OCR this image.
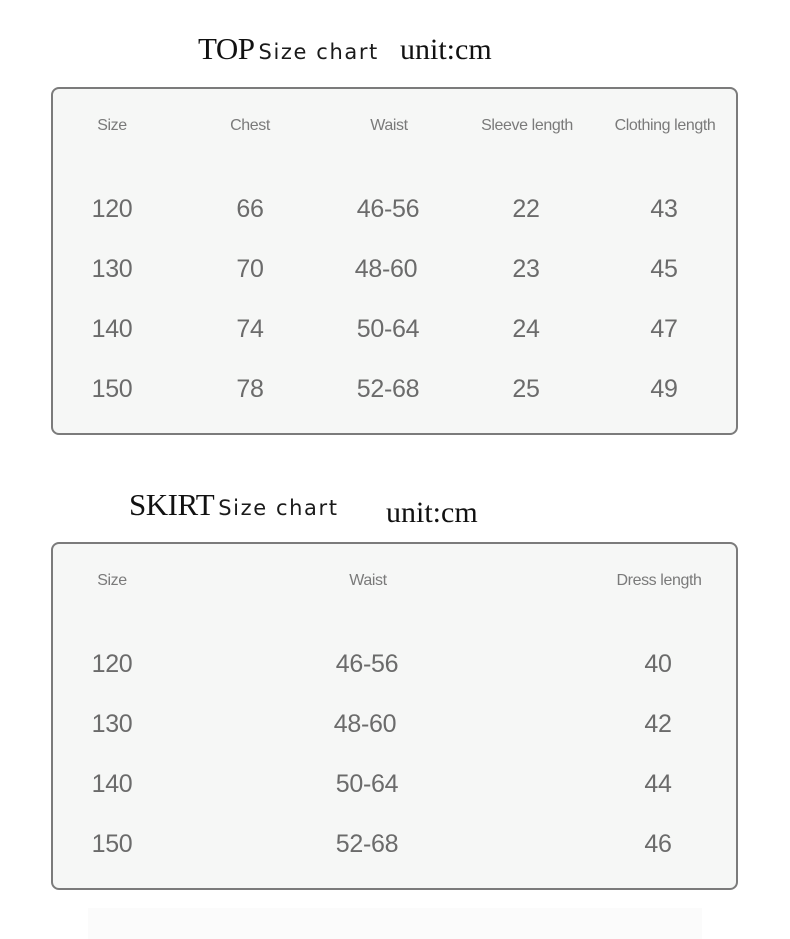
TOP Size chart unit:cm
Size	Chest	Waist	Sleeve length	Clothing length
120	66	46-56	22	43
130	70	48-60	23	45
140	74	50-64	24	47
150	78	52-68	25	49
SKIRT Size chart unit:cm
Size	Waist	Dress length
120	46-56	40
130	48-60	42
140	50-64	44
150	52-68	46
